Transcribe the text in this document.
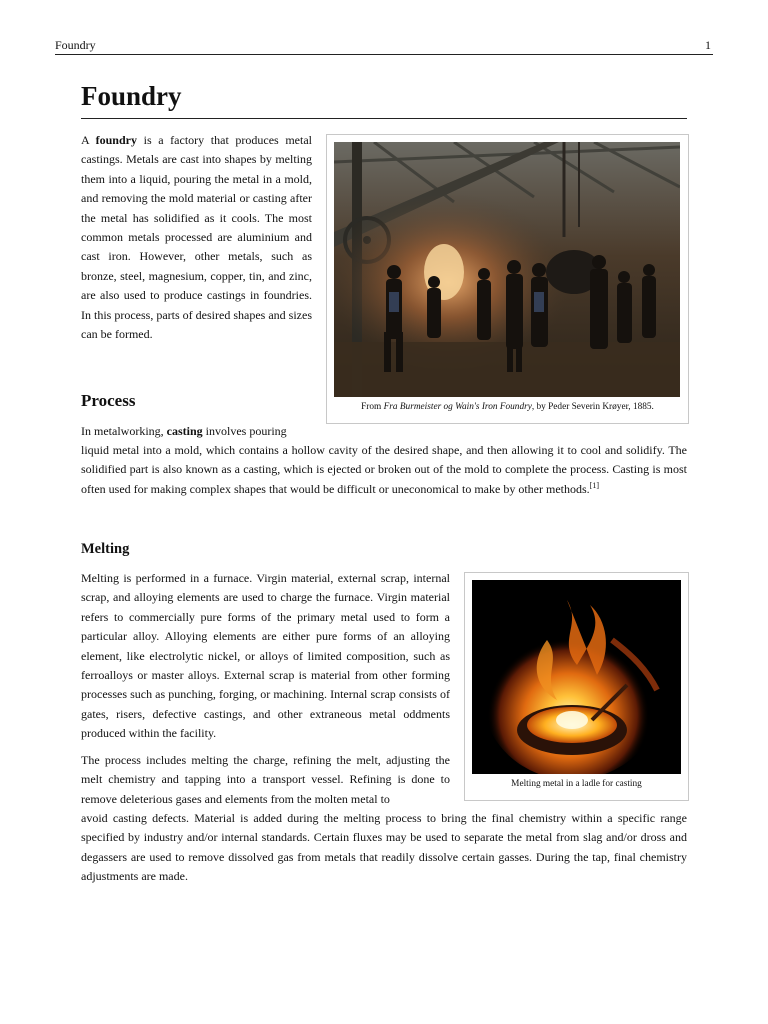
Foundry	1
Foundry

A foundry is a factory that produces metal castings. Metals are cast into shapes by melting them into a liquid, pouring the metal in a mold, and removing the mold material or casting after the metal has solidified as it cools. The most common metals processed are aluminium and cast iron. However, other metals, such as bronze, steel, magnesium, copper, tin, and zinc, are also used to produce castings in foundries. In this process, parts of desired shapes and sizes can be formed.

From Fra Burmeister og Wain's Iron Foundry, by Peder Severin Krøyer, 1885.
Process

In metalworking, casting involves pouring

liquid metal into a mold, which contains a hollow cavity of the desired shape, and then allowing it to cool and solidify. The solidified part is also known as a casting, which is ejected or broken out of the mold to complete the process. Casting is most often used for making complex shapes that would be difficult or uneconomical to make by other methods.[1]

Melting

Melting is performed in a furnace. Virgin material, external scrap, internal scrap, and alloying elements are used to charge the furnace. Virgin material refers to commercially pure forms of the primary metal used to form a particular alloy. Alloying elements are either pure forms of an alloying element, like electrolytic nickel, or alloys of limited composition, such as ferroalloys or master alloys. External scrap is material from other forming processes such as punching, forging, or machining. Internal scrap consists of gates, risers, defective castings, and other extraneous metal oddments produced within the facility.

The process includes melting the charge, refining the melt, adjusting the melt chemistry and tapping into a transport vessel. Refining is done to remove deleterious gases and elements from the molten metal to

avoid casting defects. Material is added during the melting process to bring the final chemistry within a specific range specified by industry and/or internal standards. Certain fluxes may be used to separate the metal from slag and/or dross and degassers are used to remove dissolved gas from metals that readily dissolve certain gasses. During the tap, final chemistry adjustments are made.

Melting metal in a ladle for casting
